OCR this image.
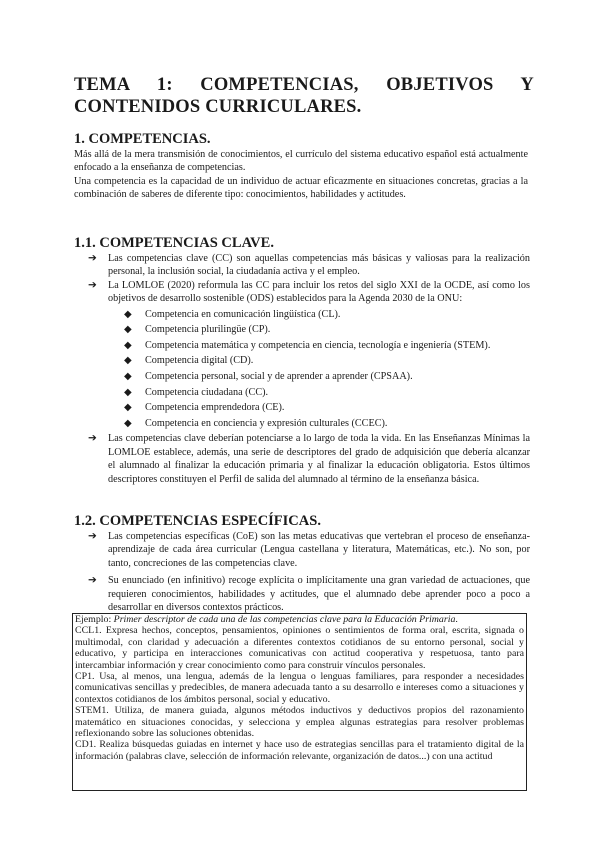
TEMA 1: COMPETENCIAS, OBJETIVOS Y CONTENIDOS CURRICULARES.
1. COMPETENCIAS.

Más allá de la mera transmisión de conocimientos, el currículo del sistema educativo español está actualmente enfocado a la enseñanza de competencias.

Una competencia es la capacidad de un individuo de actuar eficazmente en situaciones concretas, gracias a la combinación de saberes de diferente tipo: conocimientos, habilidades y actitudes.

1.1. COMPETENCIAS CLAVE.
➔ Las competencias clave (CC) son aquellas competencias más básicas y valiosas para la realización personal, la inclusión social, la ciudadanía activa y el empleo.
➔ La LOMLOE (2020) reformula las CC para incluir los retos del siglo XXI de la OCDE, así como los objetivos de desarrollo sostenible (ODS) establecidos para la Agenda 2030 de la ONU:
◆ Competencia en comunicación lingüística (CL).
◆ Competencia plurilingüe (CP).
◆ Competencia matemática y competencia en ciencia, tecnología e ingeniería (STEM).
◆ Competencia digital (CD).
◆ Competencia personal, social y de aprender a aprender (CPSAA).
◆ Competencia ciudadana (CC).
◆ Competencia emprendedora (CE).
◆ Competencia en conciencia y expresión culturales (CCEC).
➔ Las competencias clave deberían potenciarse a lo largo de toda la vida. En las Enseñanzas Mínimas la LOMLOE establece, además, una serie de descriptores del grado de adquisición que debería alcanzar el alumnado al finalizar la educación primaria y al finalizar la educación obligatoria. Estos últimos descriptores constituyen el Perfil de salida del alumnado al término de la enseñanza básica.
1.2. COMPETENCIAS ESPECÍFICAS.
➔ Las competencias específicas (CoE) son las metas educativas que vertebran el proceso de enseñanza-aprendizaje de cada área curricular (Lengua castellana y literatura, Matemáticas, etc.). No son, por tanto, concreciones de las competencias clave.
➔ Su enunciado (en infinitivo) recoge explícita o implícitamente una gran variedad de actuaciones, que requieren conocimientos, habilidades y actitudes, que el alumnado debe aprender poco a poco a desarrollar en diversos contextos prácticos.

Ejemplo: Primer descriptor de cada una de las competencias clave para la Educación Primaria.

CCL1. Expresa hechos, conceptos, pensamientos, opiniones o sentimientos de forma oral, escrita, signada o multimodal, con claridad y adecuación a diferentes contextos cotidianos de su entorno personal, social y educativo, y participa en interacciones comunicativas con actitud cooperativa y respetuosa, tanto para intercambiar información y crear conocimiento como para construir vínculos personales.

CP1. Usa, al menos, una lengua, además de la lengua o lenguas familiares, para responder a necesidades comunicativas sencillas y predecibles, de manera adecuada tanto a su desarrollo e intereses como a situaciones y contextos cotidianos de los ámbitos personal, social y educativo.

STEM1. Utiliza, de manera guiada, algunos métodos inductivos y deductivos propios del razonamiento matemático en situaciones conocidas, y selecciona y emplea algunas estrategias para resolver problemas reflexionando sobre las soluciones obtenidas.

CD1. Realiza búsquedas guiadas en internet y hace uso de estrategias sencillas para el tratamiento digital de la información (palabras clave, selección de información relevante, organización de datos...) con una actitud
